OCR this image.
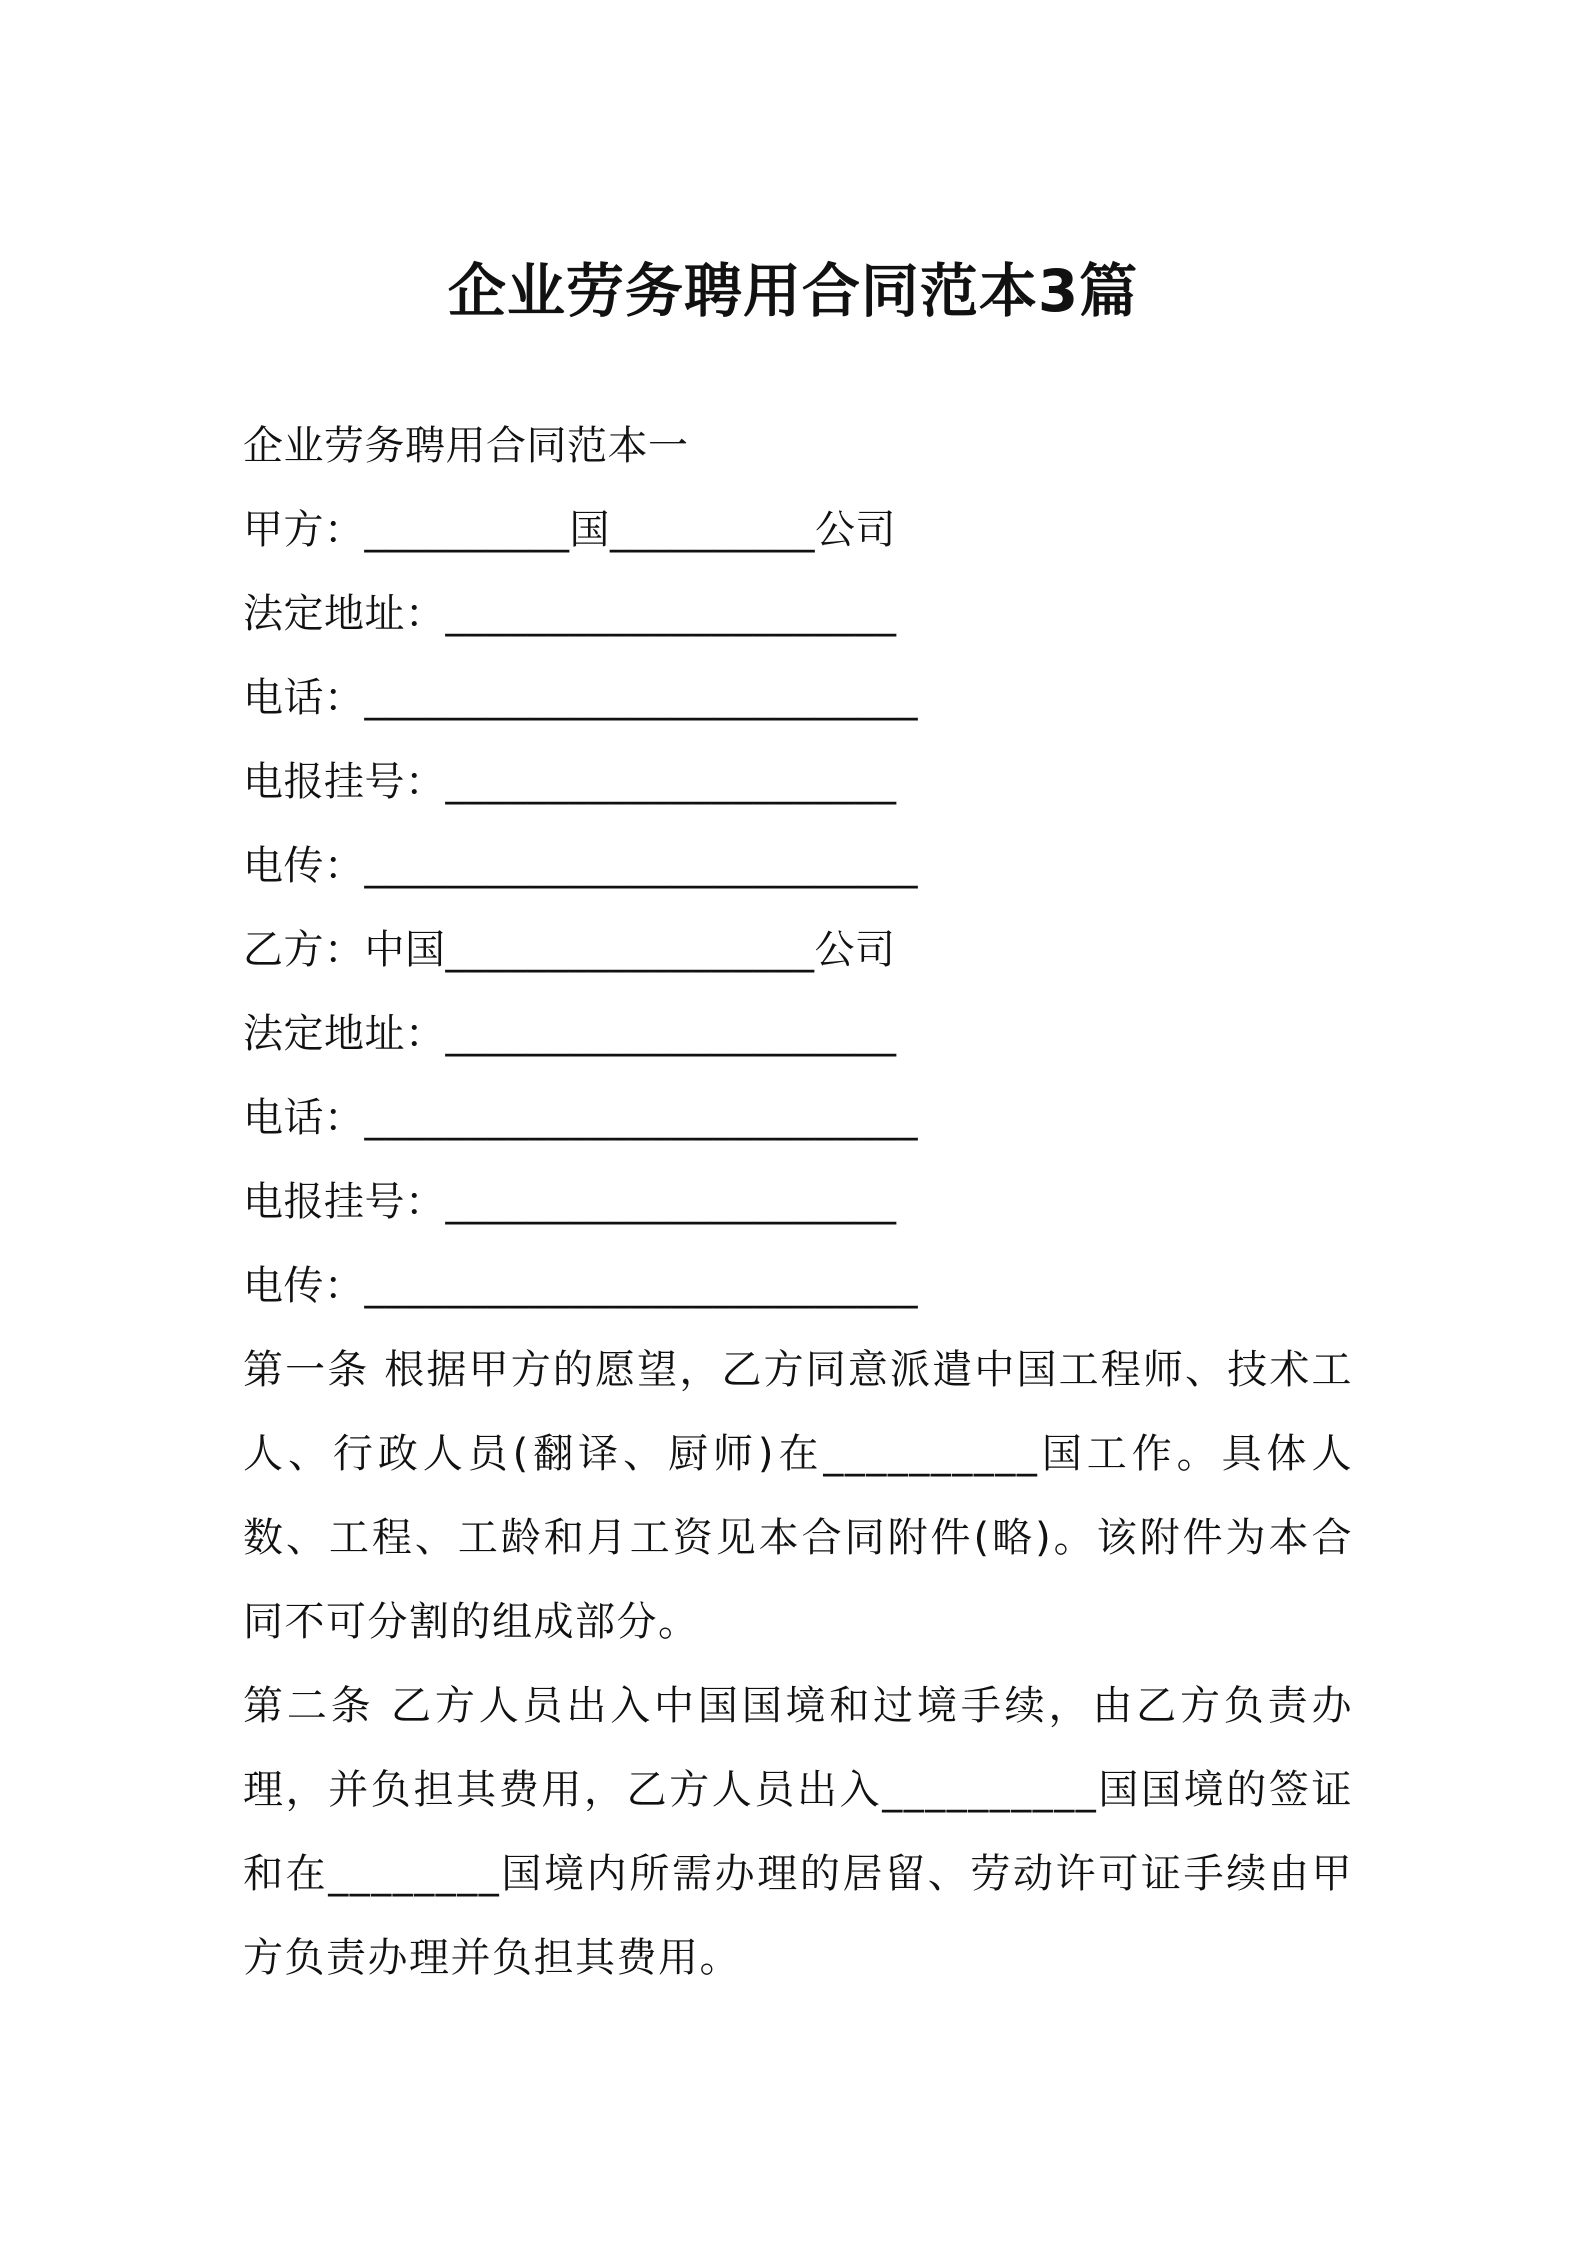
企业劳务聘用合同范本3篇
企业劳务聘用合同范本一
甲方：__________国__________公司
法定地址：______________________
电话：___________________________
电报挂号：______________________
电传：___________________________
乙方：中国__________________公司
法定地址：______________________
电话：___________________________
电报挂号：______________________
电传：___________________________
第一条 根据甲方的愿望，乙方同意派遣中国工程师、技术工人、行政人员(翻译、厨师)在__________国工作。具体人数、工程、工龄和月工资见本合同附件(略)。该附件为本合同不可分割的组成部分。
第二条 乙方人员出入中国国境和过境手续，由乙方负责办理，并负担其费用，乙方人员出入__________国国境的签证和在________国境内所需办理的居留、劳动许可证手续由甲方负责办理并负担其费用。
